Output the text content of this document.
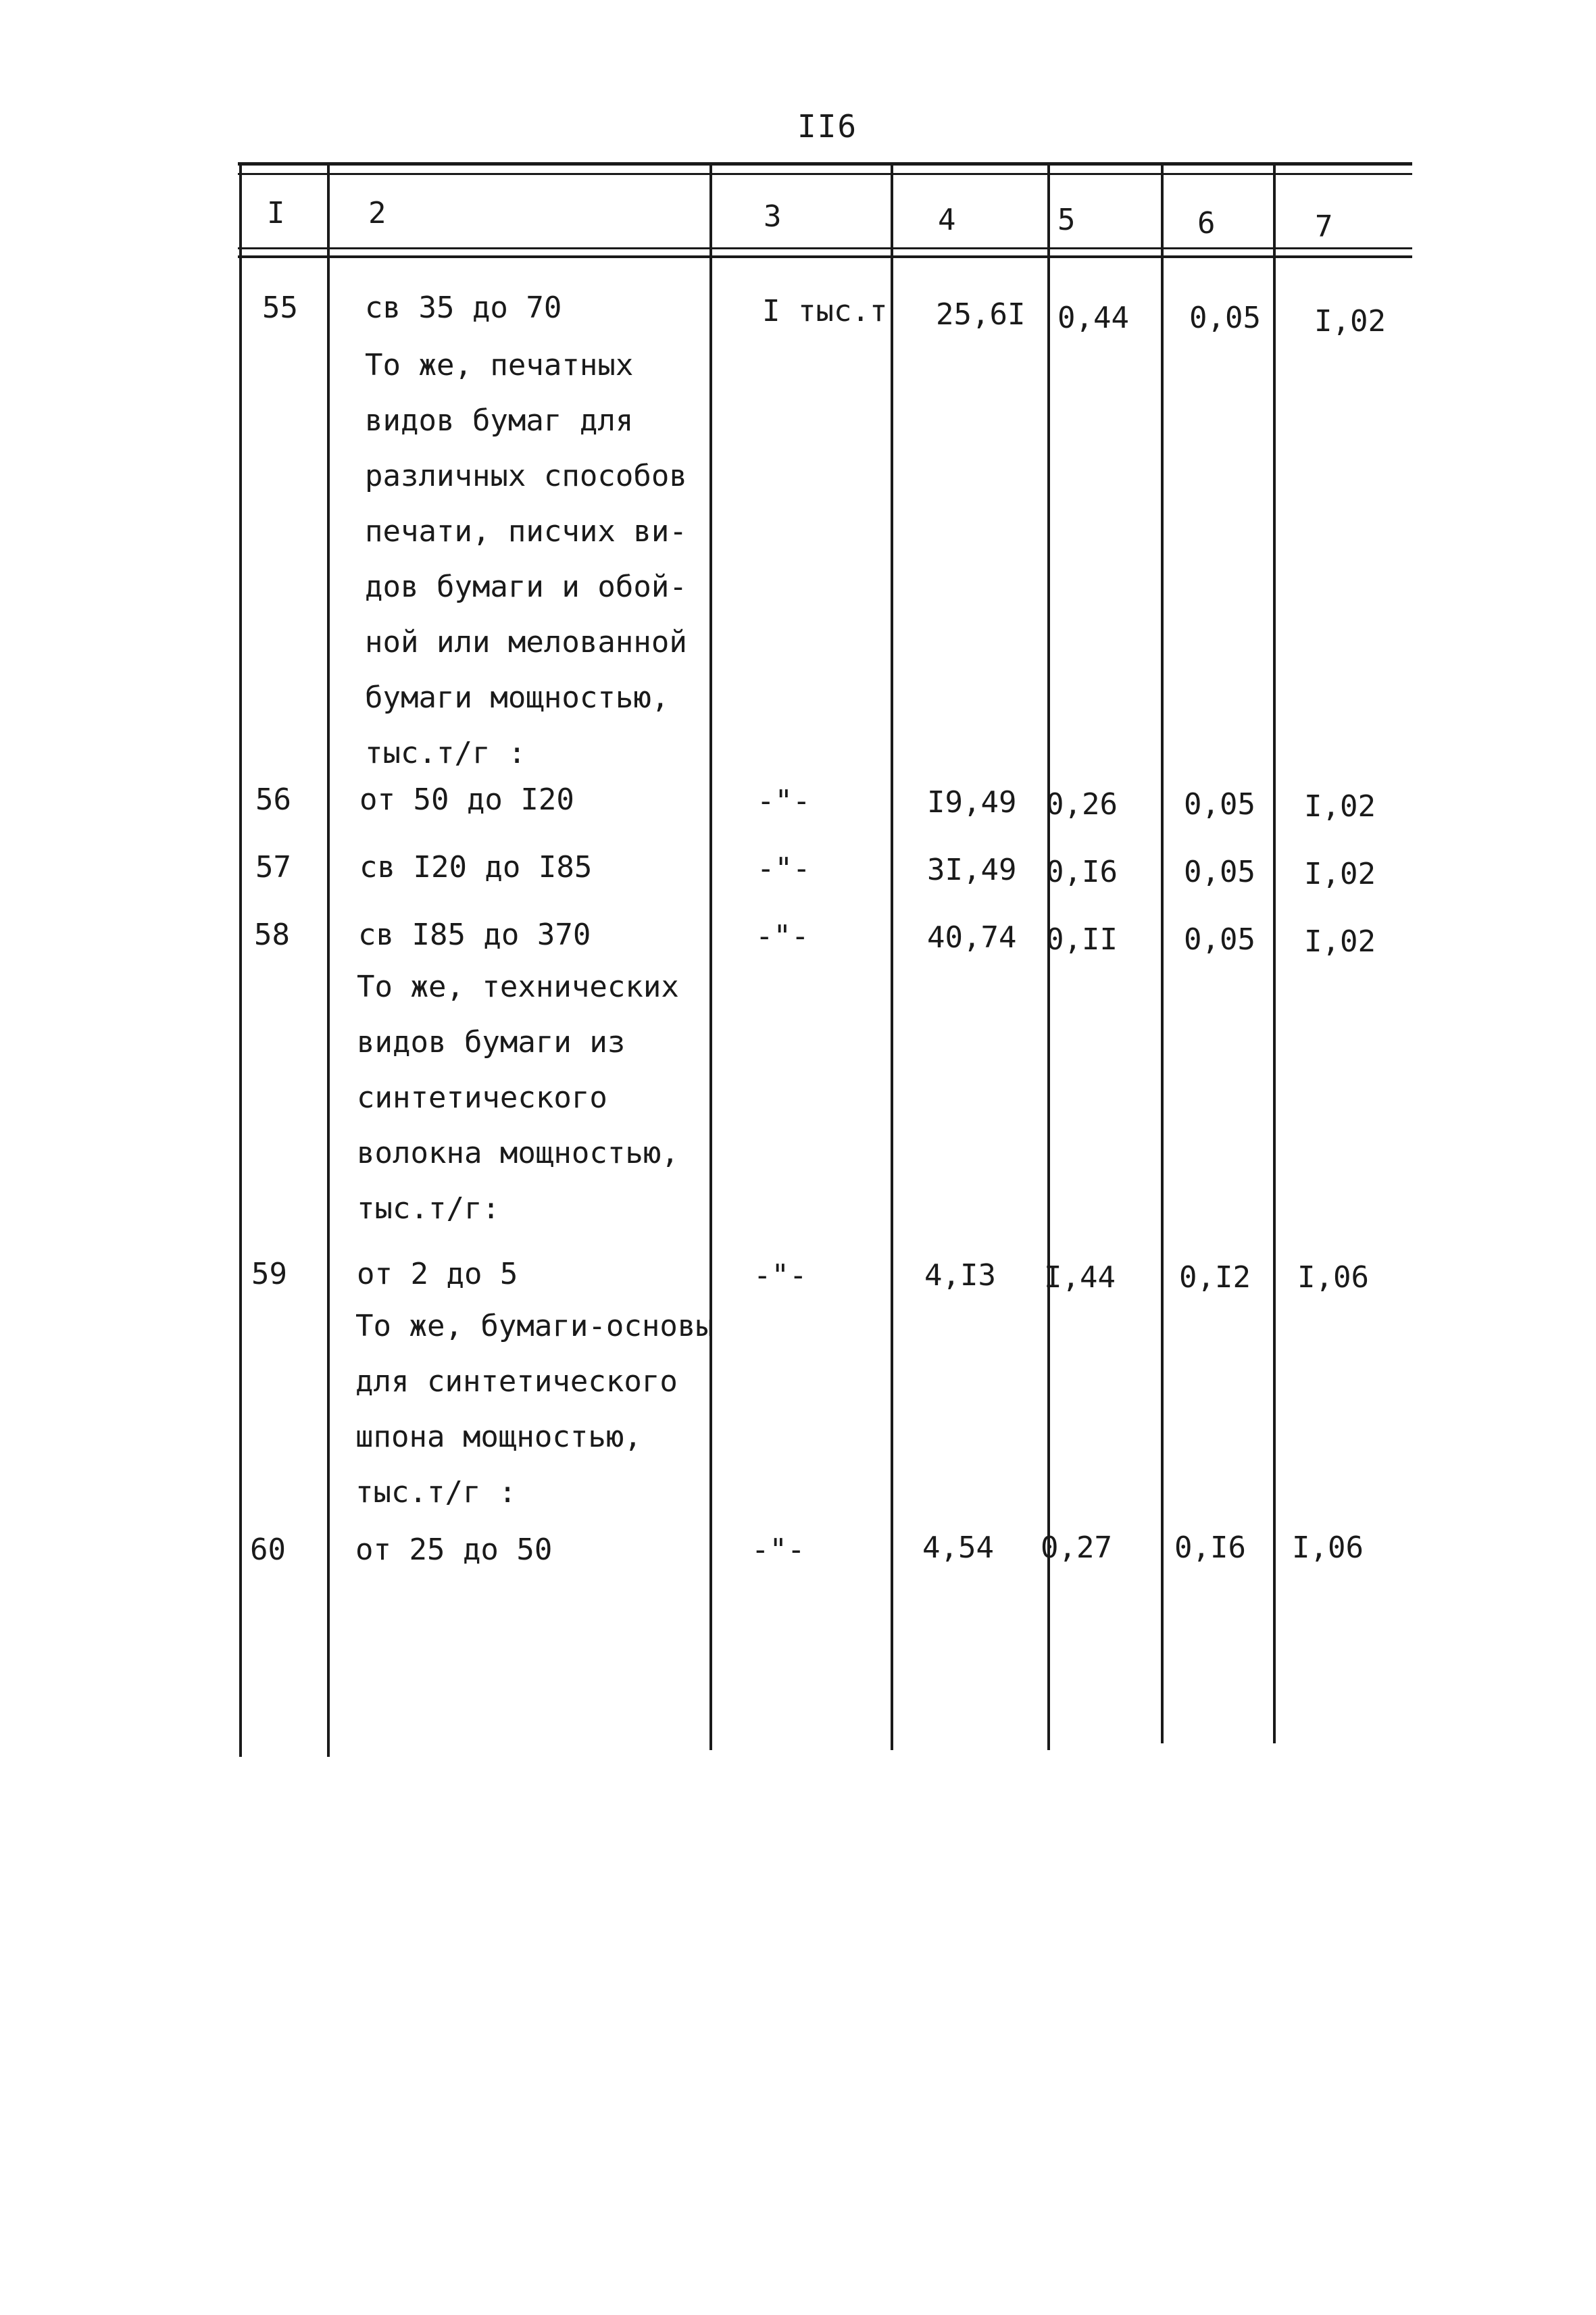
II6
I	2	3	4	5	6	7
55 св 35 до 70	I тыс.т 25,6I 0,44 0,05 I,02
То же, печатных
видов бумаг для
различных способов
печати, писчих ви-
дов бумаги и обой-
ной или мелованной
бумаги мощностью,
тыс.т/г :
56 от 50 до I20	-"-	I9,49 0,26 0,05 I,02
57 св I20 до I85	-"-	3I,49 0,I6 0,05 I,02
58 св I85 до 370	-"-	40,74 0,II 0,05 I,02
То же, технических
видов бумаги из
синтетического
волокна мощностью,
тыс.т/г:
59 от 2 до 5	-"-	4,I3 I,44 0,I2 I,06
То же, бумаги-основы
для синтетического
шпона мощностью,
тыс.т/г :
60 от 25 до 50	-"-	4,54 0,27 0,I6 I,06
